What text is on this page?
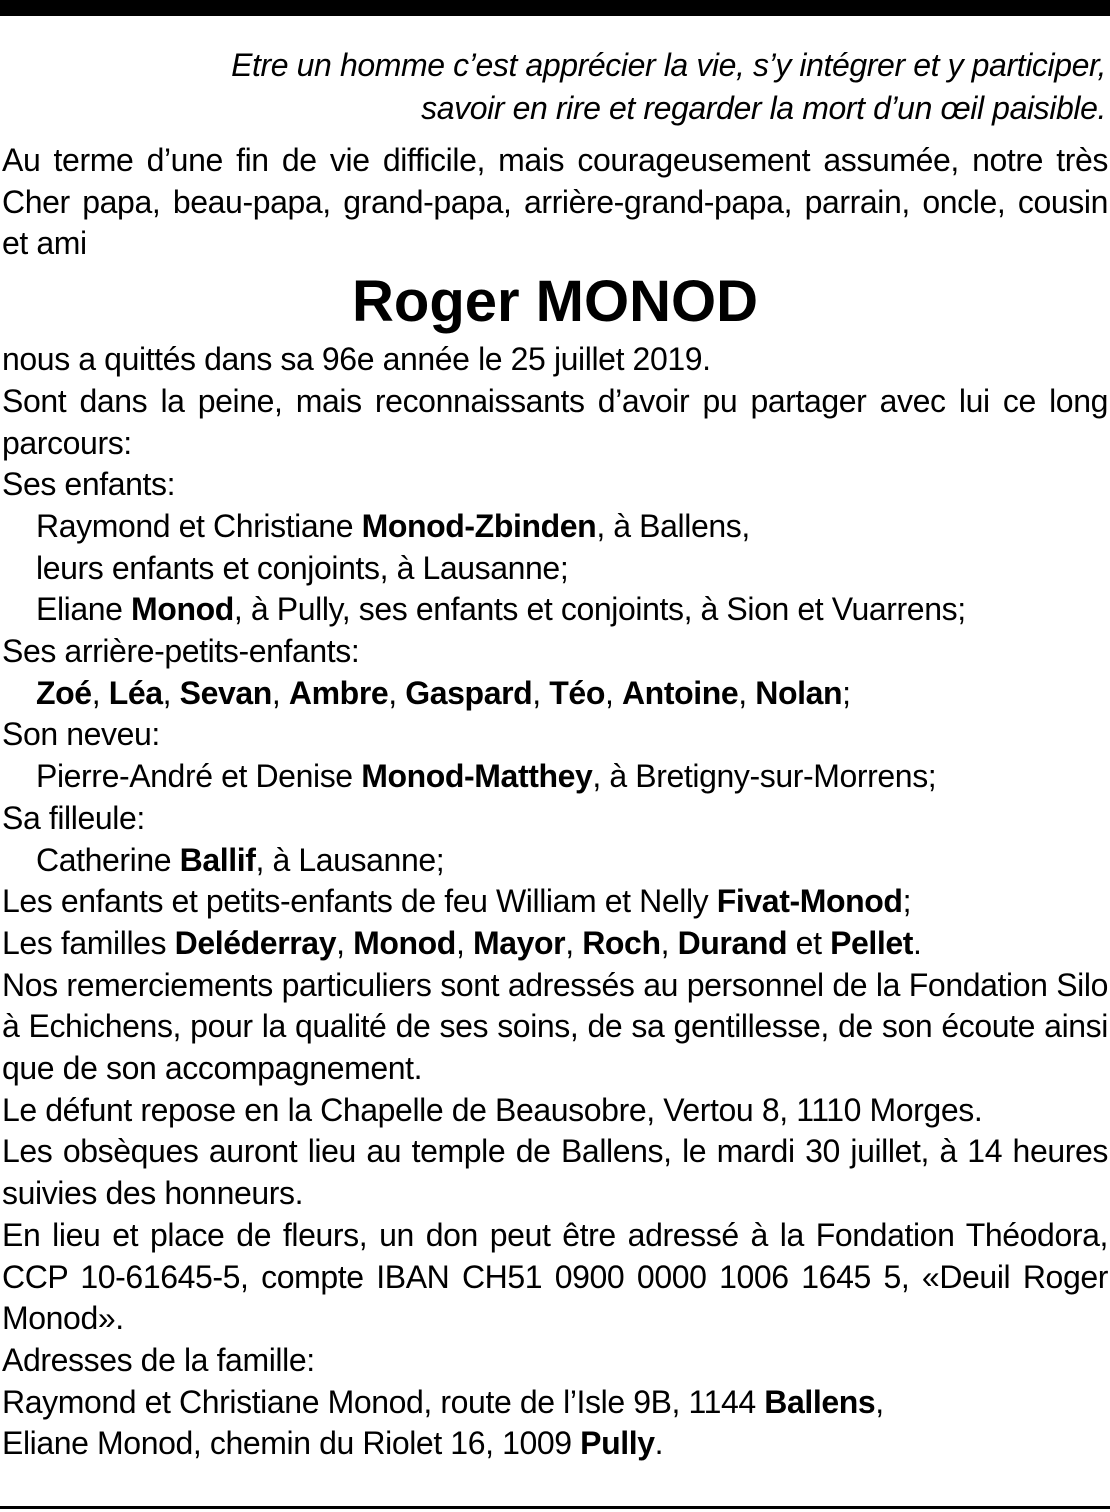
Etre un homme c’est apprécier la vie, s’y intégrer et y participer,
savoir en rire et regarder la mort d’un œil paisible.

Au terme d’une fin de vie difficile, mais courageusement assumée, notre très Cher papa, beau-papa, grand-papa, arrière-grand-papa, parrain, oncle, cousin et ami

Roger MONOD

nous a quittés dans sa 96e année le 25 juillet 2019.

Sont dans la peine, mais reconnaissants d’avoir pu partager avec lui ce long parcours:

Ses enfants:

Raymond et Christiane Monod-Zbinden, à Ballens,

leurs enfants et conjoints, à Lausanne;

Eliane Monod, à Pully, ses enfants et conjoints, à Sion et Vuarrens;

Ses arrière-petits-enfants:

Zoé, Léa, Sevan, Ambre, Gaspard, Téo, Antoine, Nolan;

Son neveu:

Pierre-André et Denise Monod-Matthey, à Bretigny-sur-Morrens;

Sa filleule:

Catherine Ballif, à Lausanne;

Les enfants et petits-enfants de feu William et Nelly Fivat-Monod;

Les familles Deléderray, Monod, Mayor, Roch, Durand et Pellet.

Nos remerciements particuliers sont adressés au personnel de la Fondation Silo à Echichens, pour la qualité de ses soins, de sa gentillesse, de son écoute ainsi que de son accompagnement.

Le défunt repose en la Chapelle de Beausobre, Vertou 8, 1110 Morges.

Les obsèques auront lieu au temple de Ballens, le mardi 30 juillet, à 14 heures suivies des honneurs.

En lieu et place de fleurs, un don peut être adressé à la Fondation Théodora, CCP 10-61645-5, compte IBAN CH51 0900 0000 1006 1645 5, «Deuil Roger Monod».

Adresses de la famille:

Raymond et Christiane Monod, route de l’Isle 9B, 1144 Ballens,

Eliane Monod, chemin du Riolet 16, 1009 Pully.
